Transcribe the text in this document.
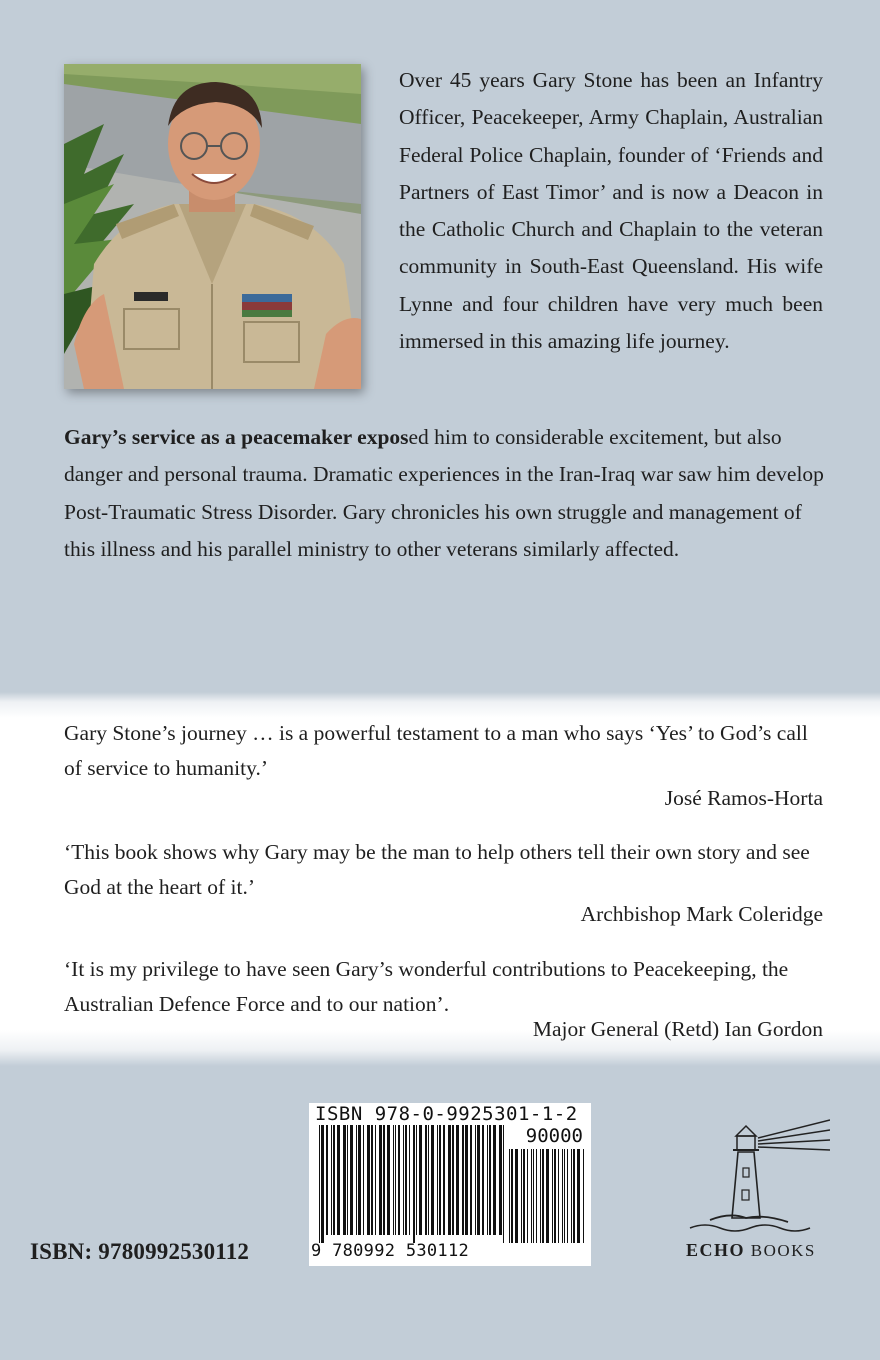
Over 45 years Gary Stone has been an Infantry Officer, Peacekeeper, Army Chaplain, Australian Federal Police Chaplain, founder of ‘Friends and Partners of East Timor’ and is now a Deacon in the Catholic Church and Chaplain to the veteran community in South-East Queensland. His wife Lynne and four children have very much been immersed in this amazing life journey.

Gary’s service as a peacemaker exposed him to considerable excitement, but also danger and personal trauma. Dramatic experiences in the Iran-Iraq war saw him develop Post-Traumatic Stress Disorder. Gary chronicles his own struggle and management of this illness and his parallel ministry to other veterans similarly affected.

Gary Stone’s journey … is a powerful testament to a man who says ‘Yes’ to God’s call of service to humanity.’

José Ramos-Horta

‘This book shows why Gary may be the man to help others tell their own story and see God at the heart of it.’

Archbishop Mark Coleridge

‘It is my privilege to have seen Gary’s wonderful contributions to Peacekeeping, the Australian Defence Force and to our nation’.

Major General (Retd) Ian Gordon

ISBN: 9780992530112
ISBN 978-0-9925301-1-2
90000
9 780992 530112	ECHO BOOKS
